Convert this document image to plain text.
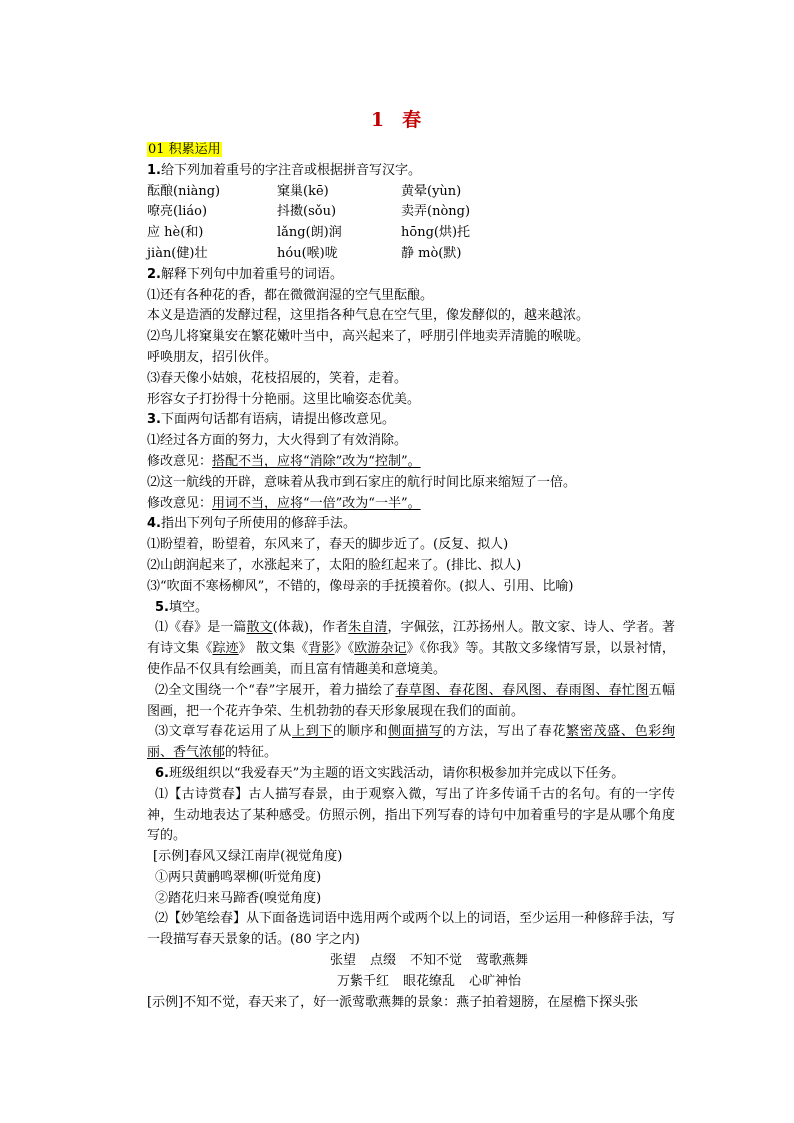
1 春
01 积累运用
1.给下列加着重号的字注音或根据拼音写汉字。
酝酿(niàng)	窠巢(kē)	黄晕(yùn)
嘹亮(liáo)	抖擞(sǒu)	卖弄(nòng)
应 hè(和)	lǎng(朗)润	hōng(烘)托
jiàn(健)壮	hóu(喉)咙	静 mò(默)
2.解释下列句中加着重号的词语。
⑴还有各种花的香，都在微微润湿的空气里酝酿。
本义是造酒的发酵过程，这里指各种气息在空气里，像发酵似的，越来越浓。
⑵鸟儿将窠巢安在繁花嫩叶当中，高兴起来了，呼朋引伴地卖弄清脆的喉咙。
呼唤朋友，招引伙伴。
⑶春天像小姑娘，花枝招展的，笑着，走着。
形容女子打扮得十分艳丽。这里比喻姿态优美。
3.下面两句话都有语病，请提出修改意见。
⑴经过各方面的努力，大火得到了有效消除。
修改意见：搭配不当，应将“消除”改为“控制”。
⑵这一航线的开辟，意味着从我市到石家庄的航行时间比原来缩短了一倍。
修改意见：用词不当，应将“一倍”改为“一半”。
4.指出下列句子所使用的修辞手法。
⑴盼望着，盼望着，东风来了，春天的脚步近了。(反复、拟人)
⑵山朗润起来了，水涨起来了，太阳的脸红起来了。(排比、拟人)
⑶“吹面不寒杨柳风”，不错的，像母亲的手抚摸着你。(拟人、引用、比喻)
5.填空。
⑴《春》是一篇散文(体裁)，作者朱自清，字佩弦，江苏扬州人。散文家、诗人、学者。著有诗文集《踪迹》 散文集《背影》《欧游杂记》《你我》等。其散文多缘情写景，以景衬情，使作品不仅具有绘画美，而且富有情趣美和意境美。
⑵全文围绕一个“春”字展开，着力描绘了春草图、春花图、春风图、春雨图、春忙图五幅图画，把一个花卉争荣、生机勃勃的春天形象展现在我们的面前。
⑶文章写春花运用了从上到下的顺序和侧面描写的方法，写出了春花繁密茂盛、色彩绚丽、香气浓郁的特征。
6.班级组织以“我爱春天”为主题的语文实践活动，请你积极参加并完成以下任务。
⑴【古诗赏春】古人描写春景，由于观察入微，写出了许多传诵千古的名句。有的一字传神，生动地表达了某种感受。仿照示例，指出下列写春的诗句中加着重号的字是从哪个角度写的。
[示例]春风又绿江南岸(视觉角度)
①两只黄鹂鸣翠柳(听觉角度)
②踏花归来马蹄香(嗅觉角度)
⑵【妙笔绘春】从下面备选词语中选用两个或两个以上的词语，至少运用一种修辞手法，写一段描写春天景象的话。(80 字之内)
张望 点缀 不知不觉 莺歌燕舞
万紫千红 眼花缭乱 心旷神怡
[示例]不知不觉，春天来了，好一派莺歌燕舞的景象：燕子拍着翅膀，在屋檐下探头张
